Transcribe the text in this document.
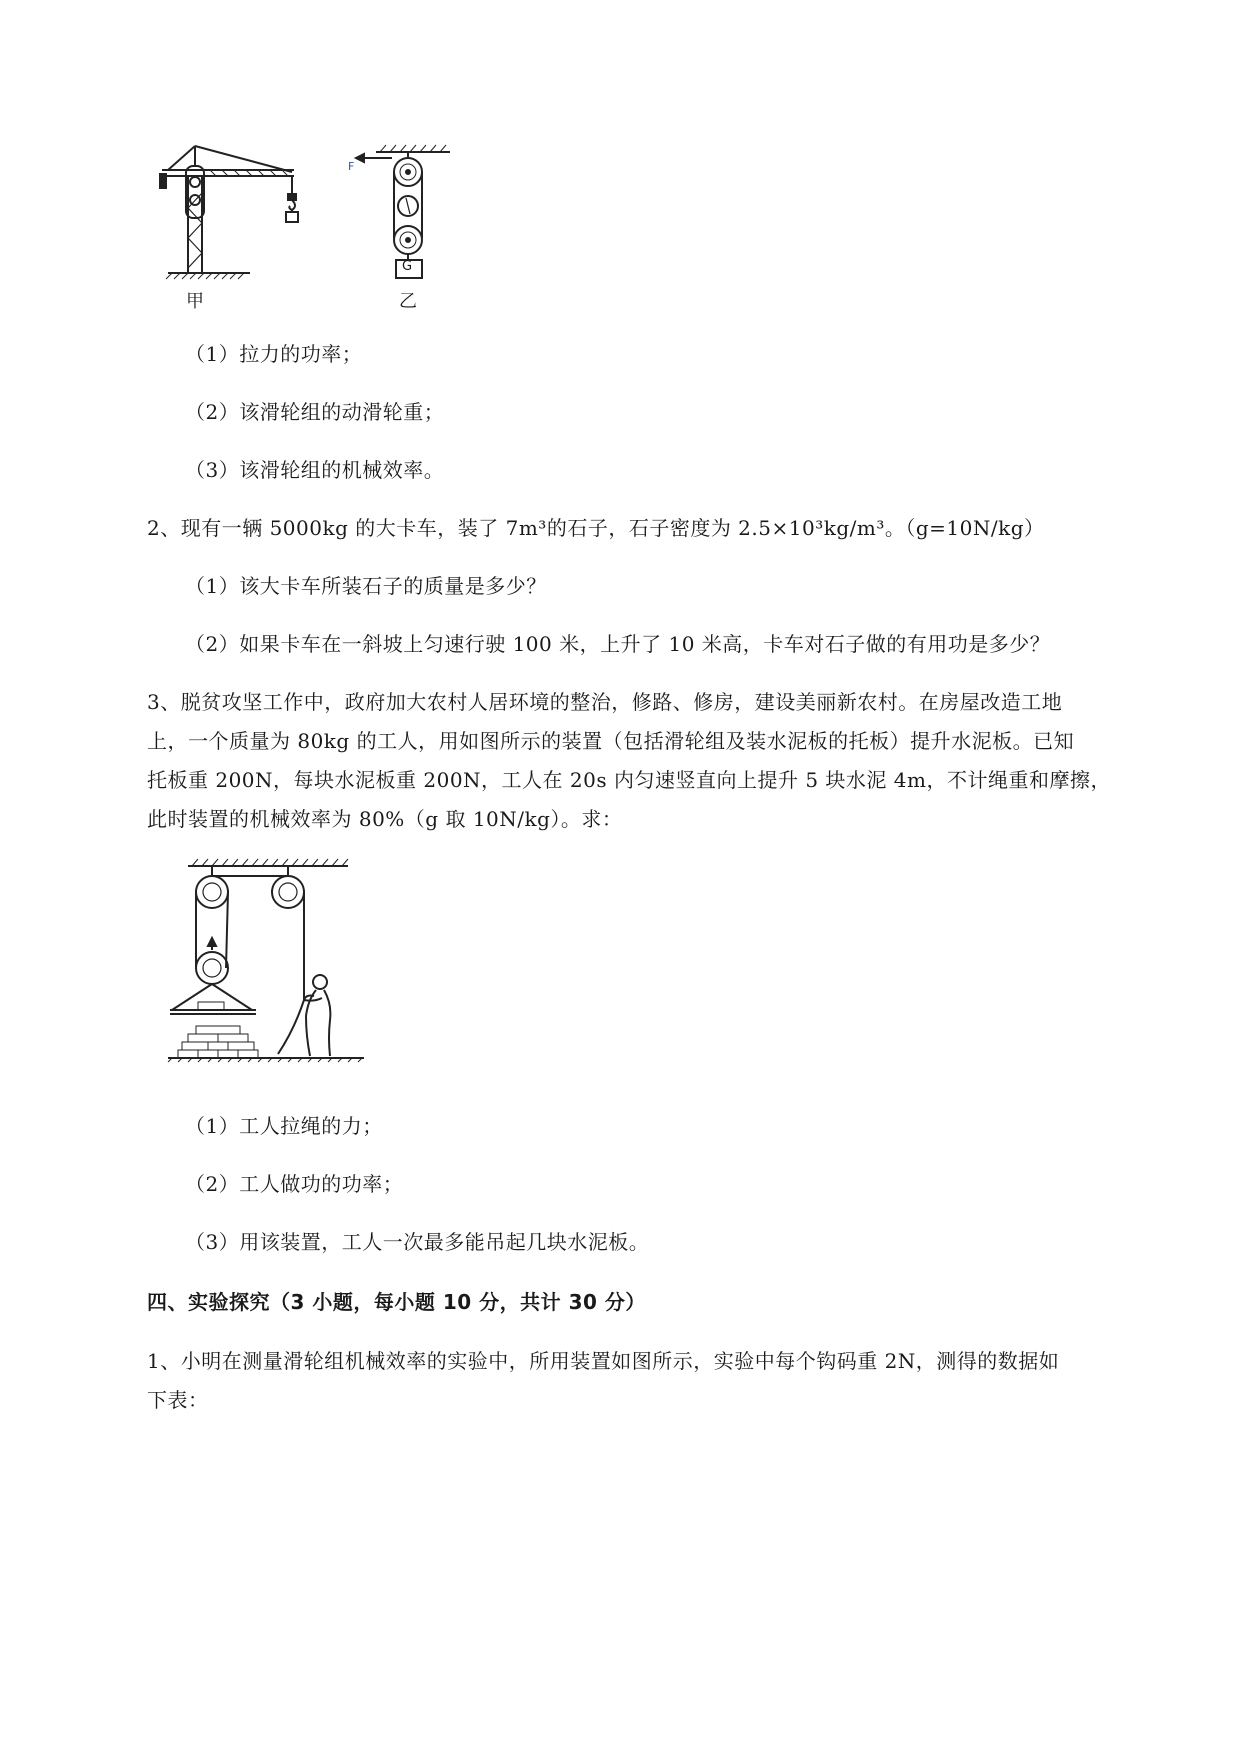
甲
F
G
乙
（1）拉力的功率；
（2）该滑轮组的动滑轮重；
（3）该滑轮组的机械效率。
2、现有一辆 5000kg 的大卡车，装了 7m³的石子，石子密度为 2.5×10³kg/m³。（g=10N/kg）
（1）该大卡车所装石子的质量是多少？
（2）如果卡车在一斜坡上匀速行驶 100 米，上升了 10 米高，卡车对石子做的有用功是多少？
3、脱贫攻坚工作中，政府加大农村人居环境的整治，修路、修房，建设美丽新农村。在房屋改造工地
上，一个质量为 80kg 的工人，用如图所示的装置（包括滑轮组及装水泥板的托板）提升水泥板。已知
托板重 200N，每块水泥板重 200N，工人在 20s 内匀速竖直向上提升 5 块水泥 4m，不计绳重和摩擦，
此时装置的机械效率为 80%（g 取 10N/kg）。求：
（1）工人拉绳的力；
（2）工人做功的功率；
（3）用该装置，工人一次最多能吊起几块水泥板。
四、实验探究（3 小题，每小题 10 分，共计 30 分）
1、小明在测量滑轮组机械效率的实验中，所用装置如图所示，实验中每个钩码重 2N，测得的数据如
下表：
